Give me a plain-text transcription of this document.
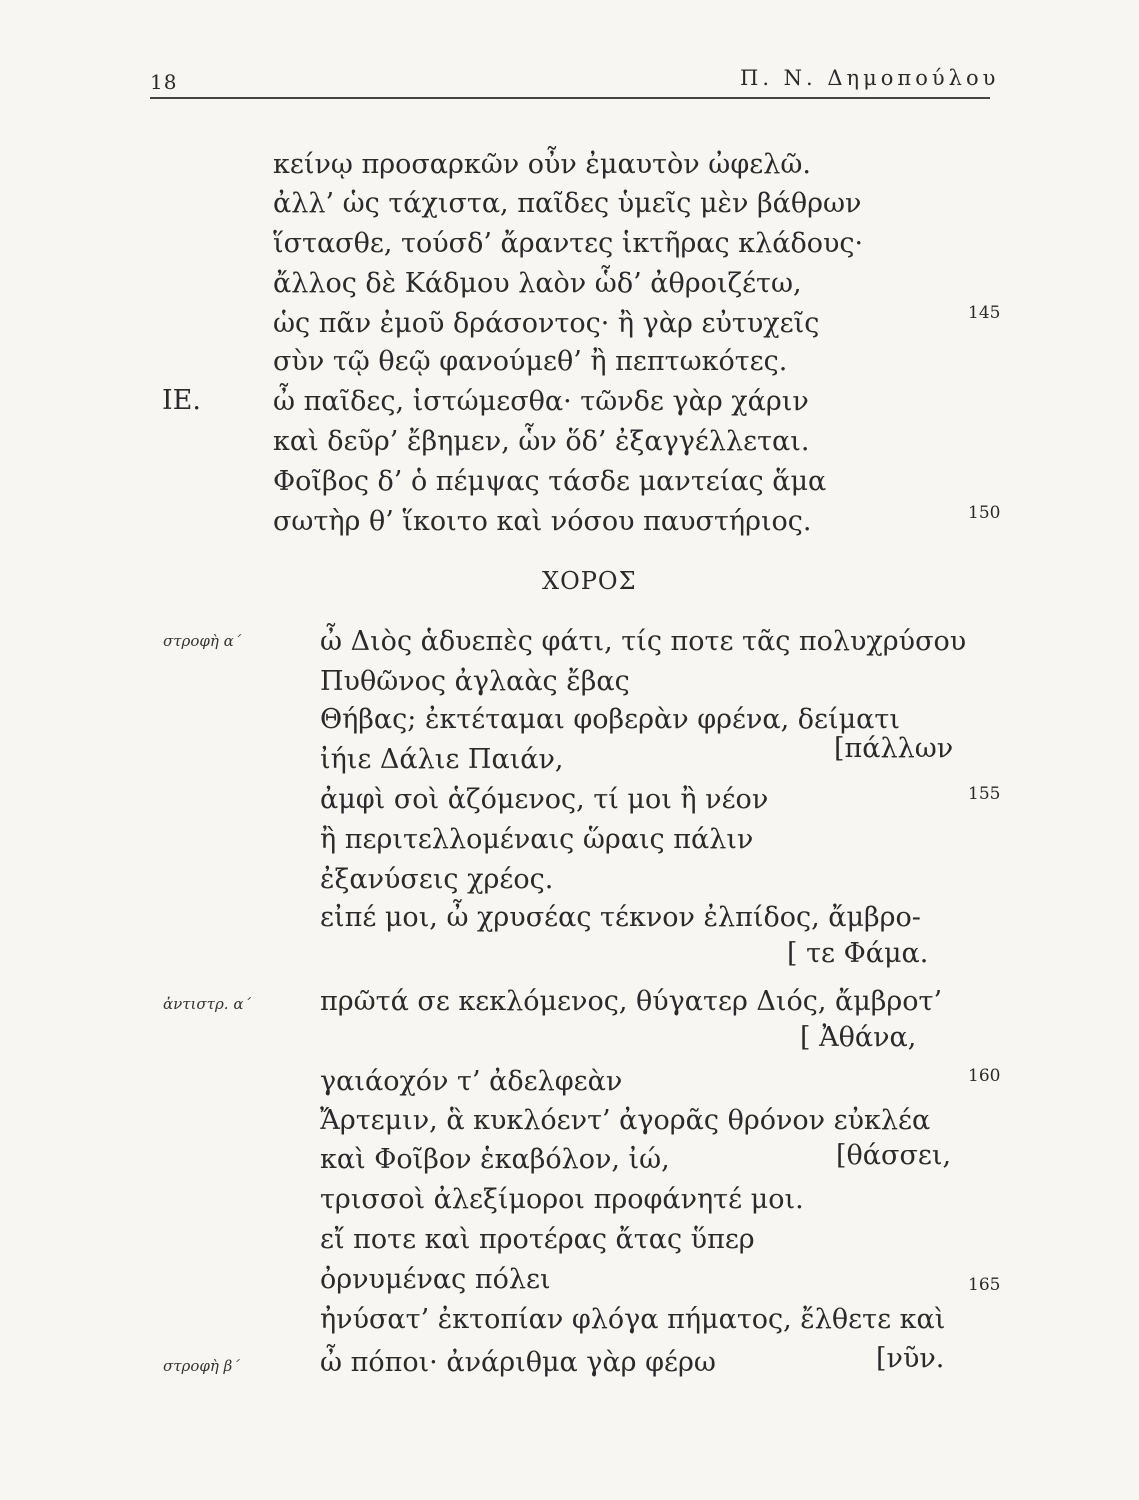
18	Π. Ν. Δημοπούλου
κείνῳ προσαρκῶν οὖν ἐμαυτὸν ὠφελῶ.
ἀλλ’ ὡς τάχιστα, παῖδες ὑμεῖς μὲν βάθρων
ἵστασθε, τούσδ’ ἄραντες ἱκτῆρας κλάδους·
ἄλλος δὲ Κάδμου λαὸν ὧδ’ ἀθροιζέτω,
ὡς πᾶν ἐμοῦ δράσοντος· ἢ γὰρ εὐτυχεῖς
σὺν τῷ θεῷ φανούμεθ’ ἢ πεπτωκότες.
ΙΕ.	ὦ παῖδες, ἱστώμεσθα· τῶνδε γὰρ χάριν
καὶ δεῦρ’ ἔβημεν, ὧν ὅδ’ ἐξαγγέλλεται.
Φοῖβος δ’ ὁ πέμψας τάσδε μαντείας ἅμα
σωτὴρ θ’ ἵκοιτο καὶ νόσου παυστήριος.
ΧΟΡΟΣ
στροφὴ α΄	ὦ Διὸς ἁδυεπὲς φάτι, τίς ποτε τᾶς πολυχρύσου
Πυθῶνος ἀγλαὰς ἔβας
Θήβας; ἐκτέταμαι φοβερὰν φρένα, δείματι
ἰήιε Δάλιε Παιάν,	[πάλλων
ἀμφὶ σοὶ ἁζόμενος, τί μοι ἢ νέον
ἢ περιτελλομέναις ὥραις πάλιν
ἐξανύσεις χρέος.
εἰπέ μοι, ὦ χρυσέας τέκνον ἐλπίδος, ἄμβρο-
[ τε Φάμα.
ἀντιστρ. α΄	πρῶτά σε κεκλόμενος, θύγατερ Διός, ἄμβροτ’
[ Ἀθάνα,
γαιάοχόν τ’ ἀδελφεὰν
Ἄρτεμιν, ἃ κυκλόεντ’ ἀγορᾶς θρόνον εὐκλέα
καὶ Φοῖβον ἑκαβόλον, ἰώ,	[θάσσει,
τρισσοὶ ἀλεξίμοροι προφάνητέ μοι.
εἴ ποτε καὶ προτέρας ἄτας ὕπερ
ὀρνυμένας πόλει
ἠνύσατ’ ἐκτοπίαν φλόγα πήματος, ἔλθετε καὶ
στροφὴ β΄	ὦ πόποι· ἀνάριθμα γὰρ φέρω	[νῦν.
145
150
155
160
165
